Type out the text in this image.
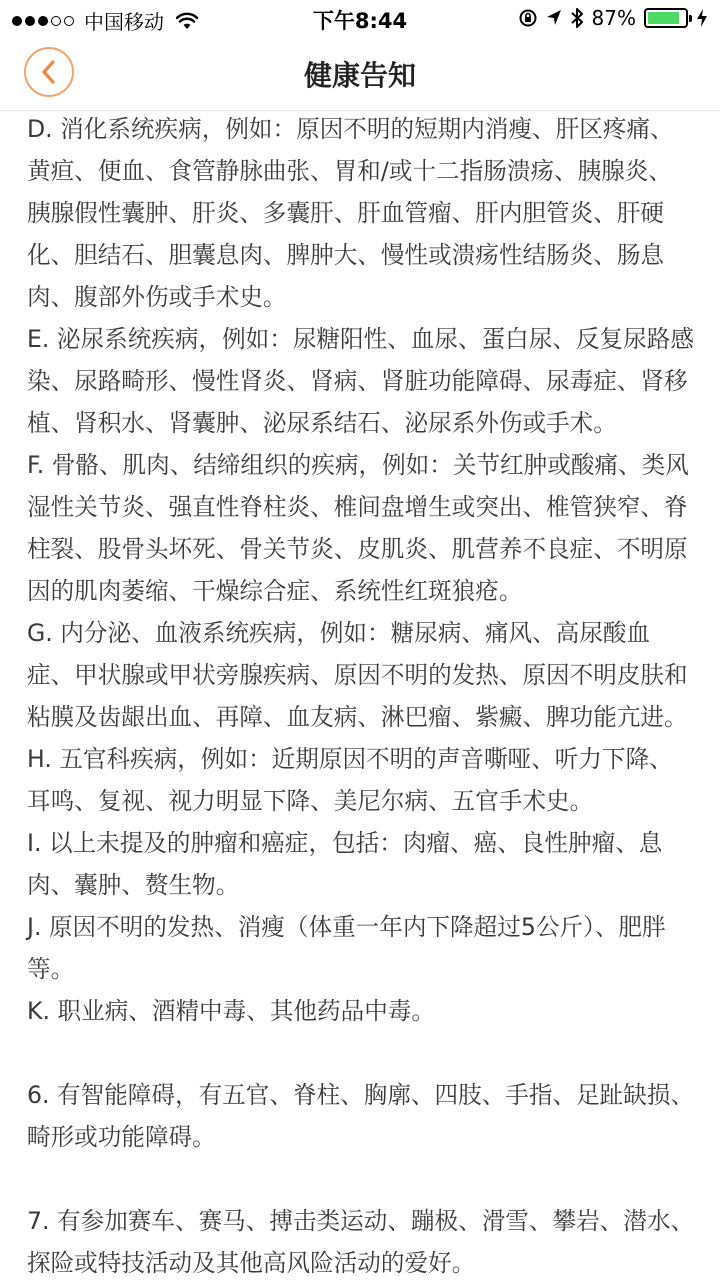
中国移动	下午8:44	87%
健康告知

D. 消化系统疾病，例如：原因不明的短期内消瘦、肝区疼痛、黄疸、便血、食管静脉曲张、胃和/或十二指肠溃疡、胰腺炎、胰腺假性囊肿、肝炎、多囊肝、肝血管瘤、肝内胆管炎、肝硬化、胆结石、胆囊息肉、脾肿大、慢性或溃疡性结肠炎、肠息肉、腹部外伤或手术史。

E. 泌尿系统疾病，例如：尿糖阳性、血尿、蛋白尿、反复尿路感染、尿路畸形、慢性肾炎、肾病、肾脏功能障碍、尿毒症、肾移植、肾积水、肾囊肿、泌尿系结石、泌尿系外伤或手术。

F. 骨骼、肌肉、结缔组织的疾病，例如：关节红肿或酸痛、类风湿性关节炎、强直性脊柱炎、椎间盘增生或突出、椎管狭窄、脊柱裂、股骨头坏死、骨关节炎、皮肌炎、肌营养不良症、不明原因的肌肉萎缩、干燥综合症、系统性红斑狼疮。

G. 内分泌、血液系统疾病，例如：糖尿病、痛风、高尿酸血症、甲状腺或甲状旁腺疾病、原因不明的发热、原因不明皮肤和粘膜及齿龈出血、再障、血友病、淋巴瘤、紫癜、脾功能亢进。

H. 五官科疾病，例如：近期原因不明的声音嘶哑、听力下降、耳鸣、复视、视力明显下降、美尼尔病、五官手术史。

I. 以上未提及的肿瘤和癌症，包括：肉瘤、癌、良性肿瘤、息肉、囊肿、赘生物。

J. 原因不明的发热、消瘦（体重一年内下降超过5公斤）、肥胖等。

K. 职业病、酒精中毒、其他药品中毒。

6. 有智能障碍，有五官、脊柱、胸廓、四肢、手指、足趾缺损、畸形或功能障碍。

7. 有参加赛车、赛马、搏击类运动、蹦极、滑雪、攀岩、潜水、探险或特技活动及其他高风险活动的爱好。
